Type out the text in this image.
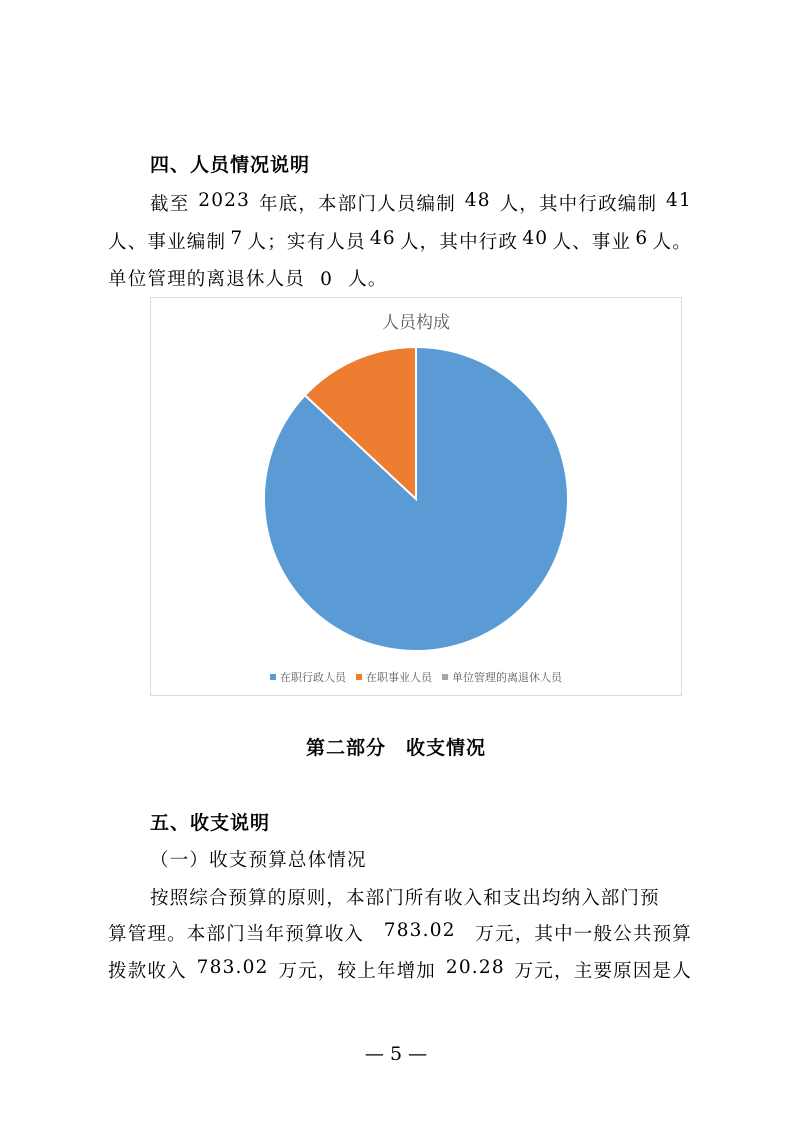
四、人员情况说明
截至 2023 年底，本部门人员编制 48 人，其中行政编制 41
人、事业编制 7 人；实有人员 46 人，其中行政 40 人、事业 6 人。
单位管理的离退休人员 0 人。
人员构成
在职行政人员 在职事业人员 单位管理的离退休人员
第二部分　收支情况
五、收支说明
（一）收支预算总体情况
按照综合预算的原则，本部门所有收入和支出均纳入部门预
算管理。本部门当年预算收入 783.02 万元，其中一般公共预算
拨款收入 783.02 万元，较上年增加 20.28 万元，主要原因是人
— 5 —
